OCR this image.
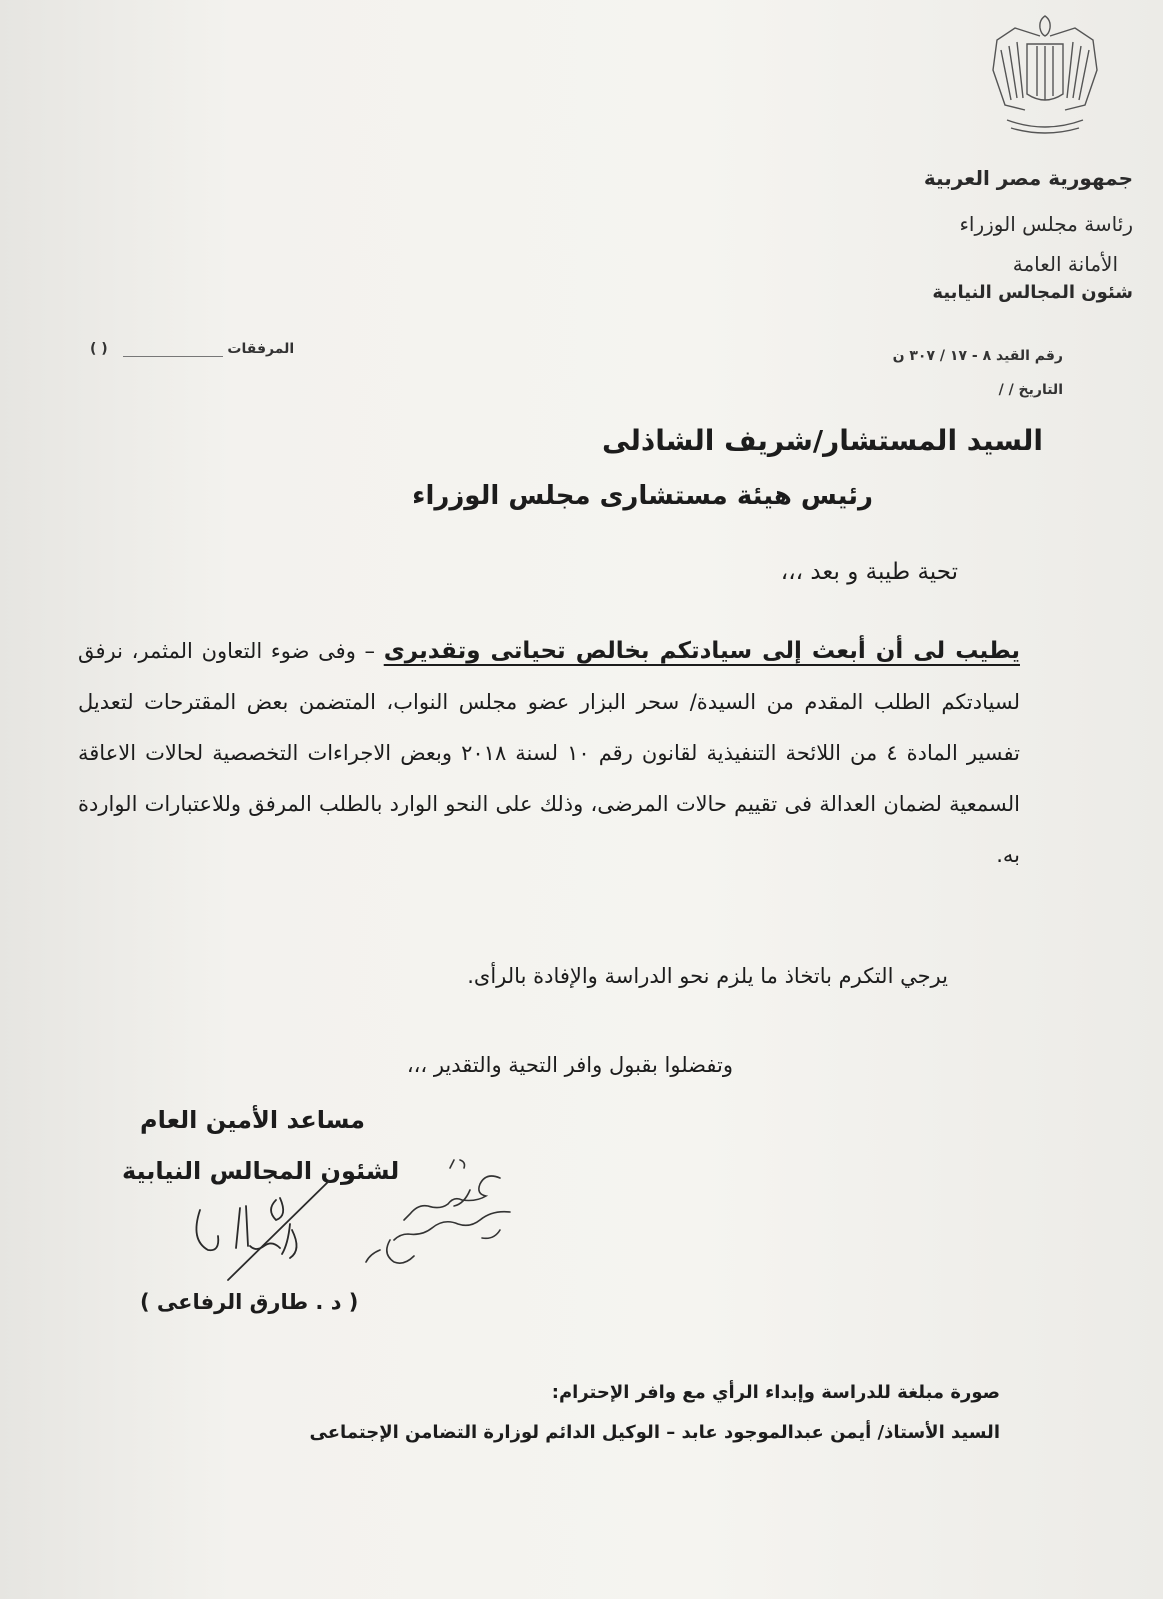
جمهورية مصر العربية
رئاسة مجلس الوزراء
الأمانة العامة
شئون المجالس النيابية
رقم القيد ٨ - ١٧ / ٣٠٧ ن
التاريخ / /
( )	المرفقات
السيد المستشار/شريف الشاذلى
رئيس هيئة مستشارى مجلس الوزراء
تحية طيبة و بعد ،،،
يطيب لى أن أبعث إلى سيادتكم بخالص تحياتى وتقديرى – وفى ضوء التعاون المثمر، نرفق لسيادتكم الطلب المقدم من السيدة/ سحر البزار عضو مجلس النواب، المتضمن بعض المقترحات لتعديل تفسير المادة ٤ من اللائحة التنفيذية لقانون رقم ١٠ لسنة ٢٠١٨ وبعض الاجراءات التخصصية لحالات الاعاقة السمعية لضمان العدالة فى تقييم حالات المرضى، وذلك على النحو الوارد بالطلب المرفق وللاعتبارات الواردة به.
يرجي التكرم باتخاذ ما يلزم نحو الدراسة والإفادة بالرأى.
وتفضلوا بقبول وافر التحية والتقدير ،،،
مساعد الأمين العام
لشئون المجالس النيابية
( د . طارق الرفاعى )
صورة مبلغة للدراسة وإبداء الرأي مع وافر الإحترام:
السيد الأستاذ/ أيمن عبدالموجود عابد – الوكيل الدائم لوزارة التضامن الإجتماعى
